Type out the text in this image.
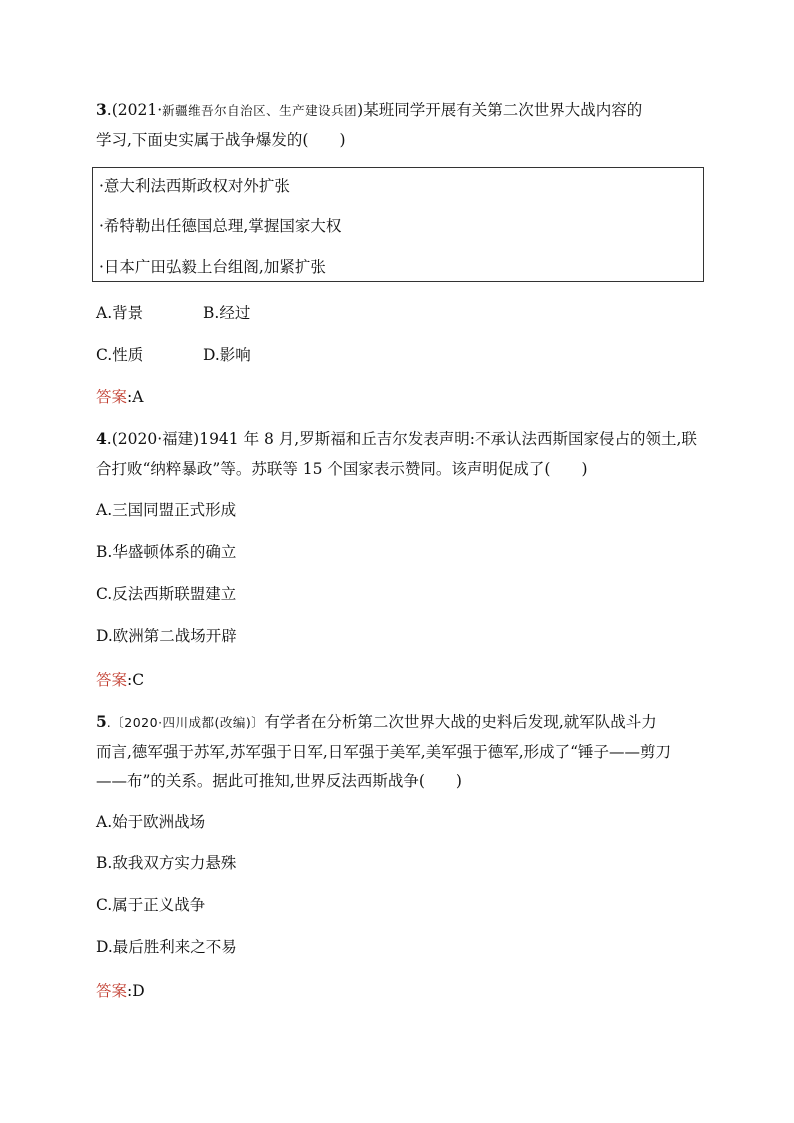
3.(2021·新疆维吾尔自治区、生产建设兵团)某班同学开展有关第二次世界大战内容的
学习,下面史实属于战争爆发的(　　)
·意大利法西斯政权对外扩张
·希特勒出任德国总理,掌握国家大权
·日本广田弘毅上台组阁,加紧扩张
A.背景	B.经过
C.性质	D.影响
答案:A
4.(2020·福建)1941 年 8 月,罗斯福和丘吉尔发表声明:不承认法西斯国家侵占的领土,联
合打败“纳粹暴政”等。苏联等 15 个国家表示赞同。该声明促成了(　　)
A.三国同盟正式形成
B.华盛顿体系的确立
C.反法西斯联盟建立
D.欧洲第二战场开辟
答案:C
5.〔2020·四川成都(改编)〕有学者在分析第二次世界大战的史料后发现,就军队战斗力
而言,德军强于苏军,苏军强于日军,日军强于美军,美军强于德军,形成了“锤子——剪刀
——布”的关系。据此可推知,世界反法西斯战争(　　)
A.始于欧洲战场
B.敌我双方实力悬殊
C.属于正义战争
D.最后胜利来之不易
答案:D
